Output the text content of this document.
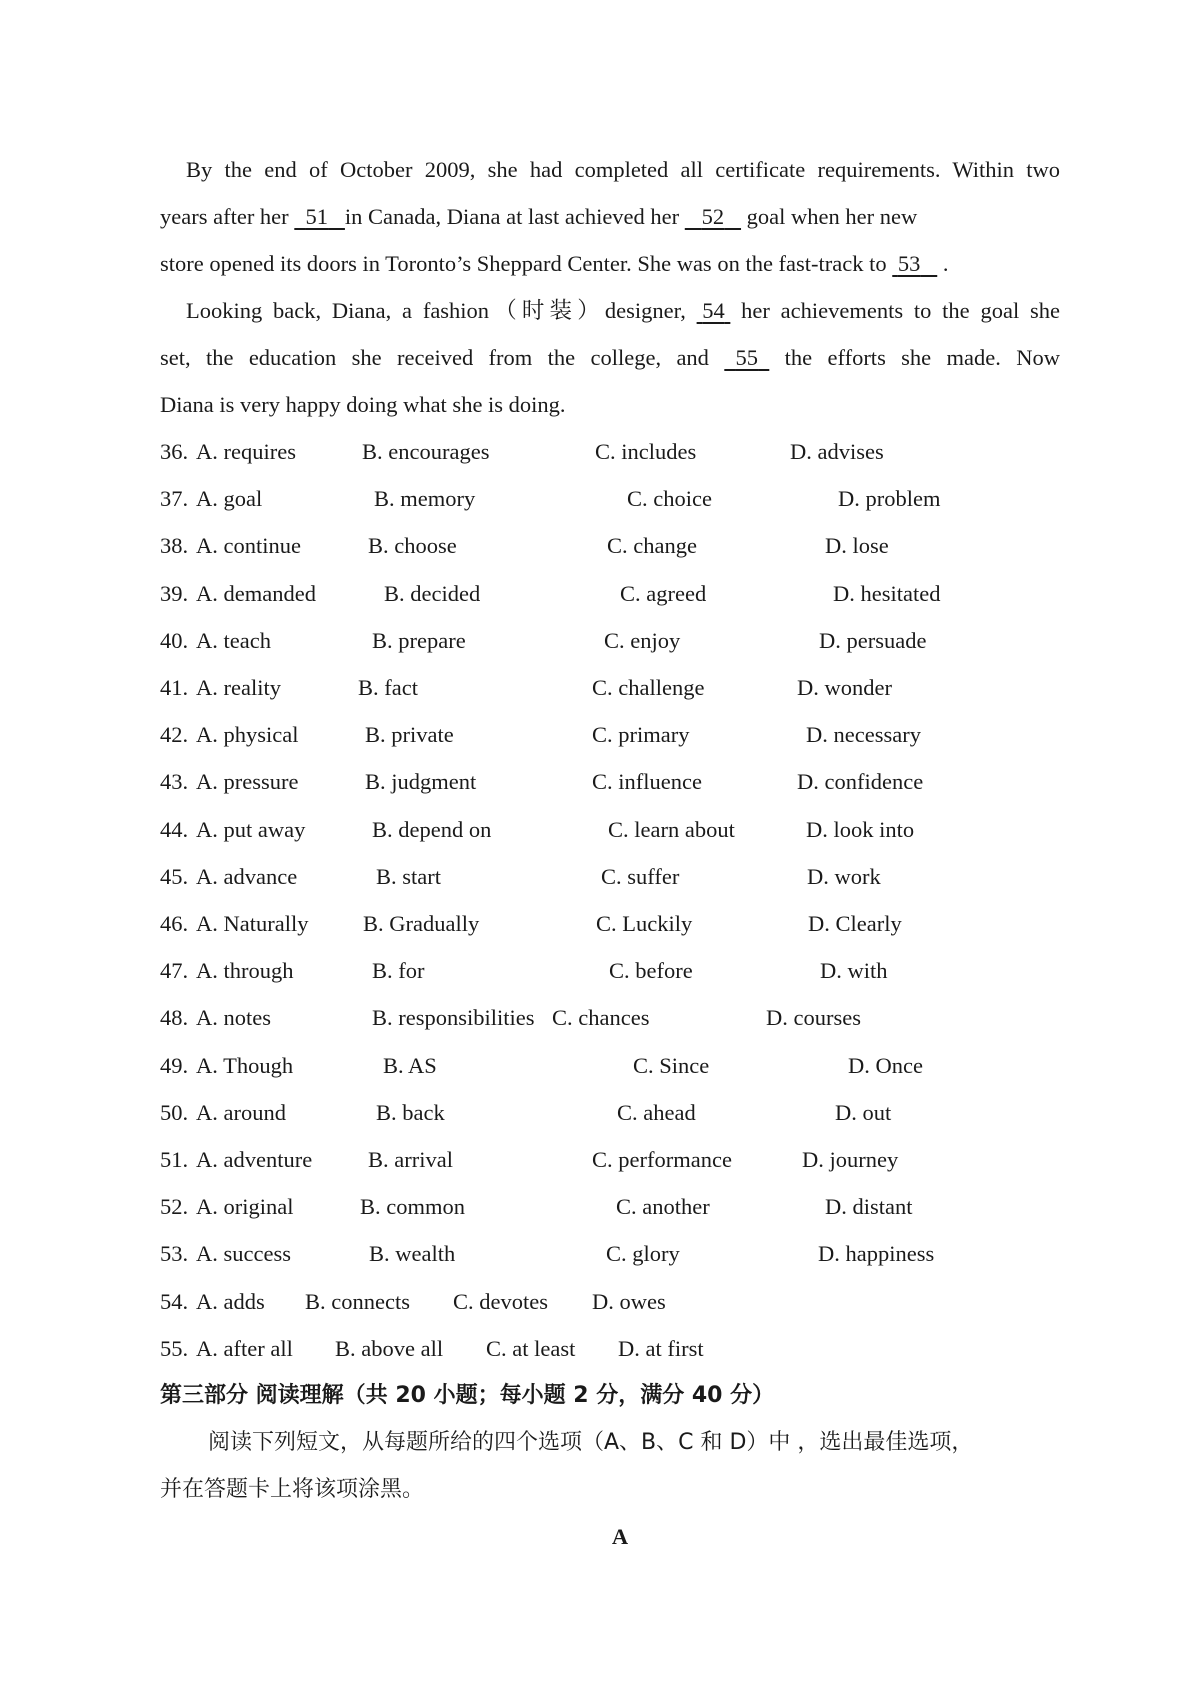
By the end of October 2009, she had completed all certificate requirements. Within two
years after her   51 in Canada, Diana at last achieved her    52    goal when her new
store opened its doors in Toronto’s Sheppard Center. She was on the fast-track to  53    .
Looking back, Diana, a fashion（时装）designer,  54  her achievements to the goal she
set, the education she received from the college, and   55   the efforts she made. Now
Diana is very happy doing what she is doing.
36. A. requires	B. encourages	C. includes	D. advises
37. A. goal	B. memory	C. choice	D. problem
38. A. continue	B. choose	C. change	D. lose
39. A. demanded	B. decided	C. agreed	D. hesitated
40. A. teach	B. prepare	C. enjoy	D. persuade
41. A. reality	B. fact	C. challenge	D. wonder
42. A. physical	B. private	C. primary	D. necessary
43. A. pressure	B. judgment	C. influence	D. confidence
44. A. put away	B. depend on	C. learn about	D. look into
45. A. advance	B. start	C. suffer	D. work
46. A. Naturally B. Gradually	C. Luckily	D. Clearly
47. A. through	B. for	C. before	D. with
48. A. notes	B. responsibilities C. chances	D. courses
49. A. Though	B. AS	C. Since	D. Once
50. A. around	B. back	C. ahead	D. out
51. A. adventure B. arrival	C. performance	D. journey
52. A. original	B. common	C. another	D. distant
53. A. success	B. wealth	C. glory	D. happiness
54. A. adds B. connects C. devotes D. owes
55. A. after all B. above all C. at least D. at first
第三部分 阅读理解（共 20 小题；每小题 2 分，满分 40 分）
阅读下列短文，从每题所给的四个选项（A、B、C 和 D）中 ，选出最佳选项，
并在答题卡上将该项涂黑。
A
